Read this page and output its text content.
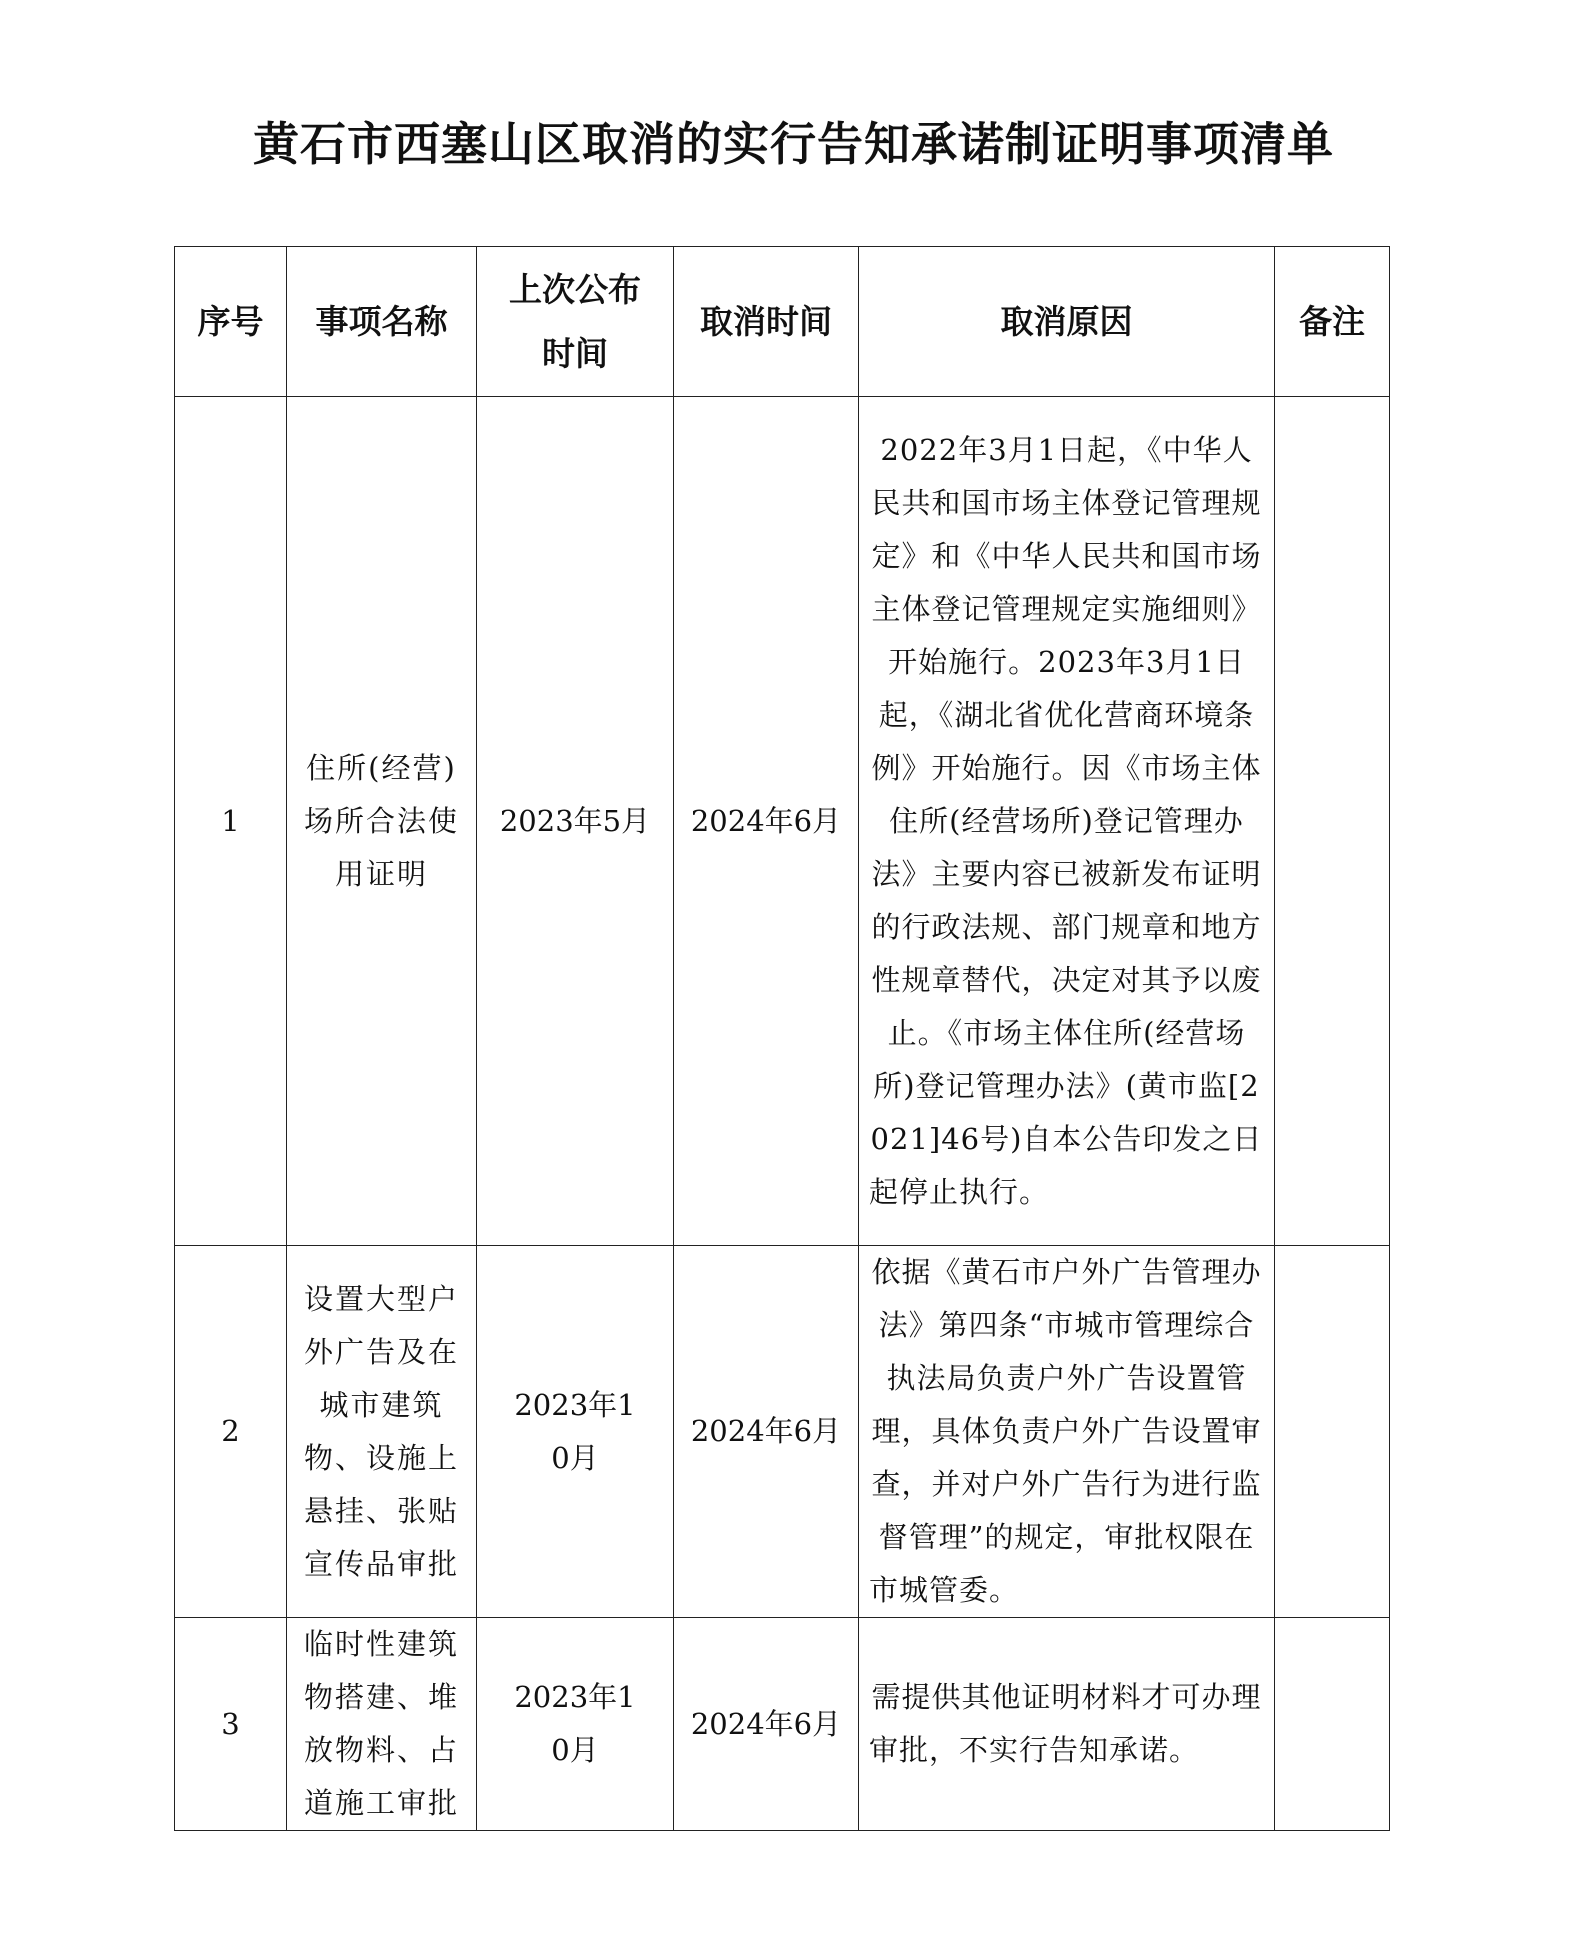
黄石市西塞山区取消的实行告知承诺制证明事项清单
序号	事项名称	上次公布时间	取消时间	取消原因	备注
1	住所(经营)场所合法使用证明	2023年5月	2024年6月	2022年3月1日起，《中华人民共和国市场主体登记管理规定》和《中华人民共和国市场主体登记管理规定实施细则》开始施行。2023年3月1日起，《湖北省优化营商环境条例》开始施行。因《市场主体住所(经营场所)登记管理办法》主要内容已被新发布证明的行政法规、部门规章和地方性规章替代，决定对其予以废止。《市场主体住所(经营场所)登记管理办法》(黄市监[2021]46号)自本公告印发之日起停止执行。	
2	设置大型户外广告及在城市建筑物、设施上悬挂、张贴宣传品审批	2023年10月	2024年6月	依据《黄石市户外广告管理办法》第四条“市城市管理综合执法局负责户外广告设置管理，具体负责户外广告设置审查，并对户外广告行为进行监督管理”的规定，审批权限在市城管委。	
3	临时性建筑物搭建、堆放物料、占道施工审批	2023年10月	2024年6月	需提供其他证明材料才可办理审批，不实行告知承诺。	
